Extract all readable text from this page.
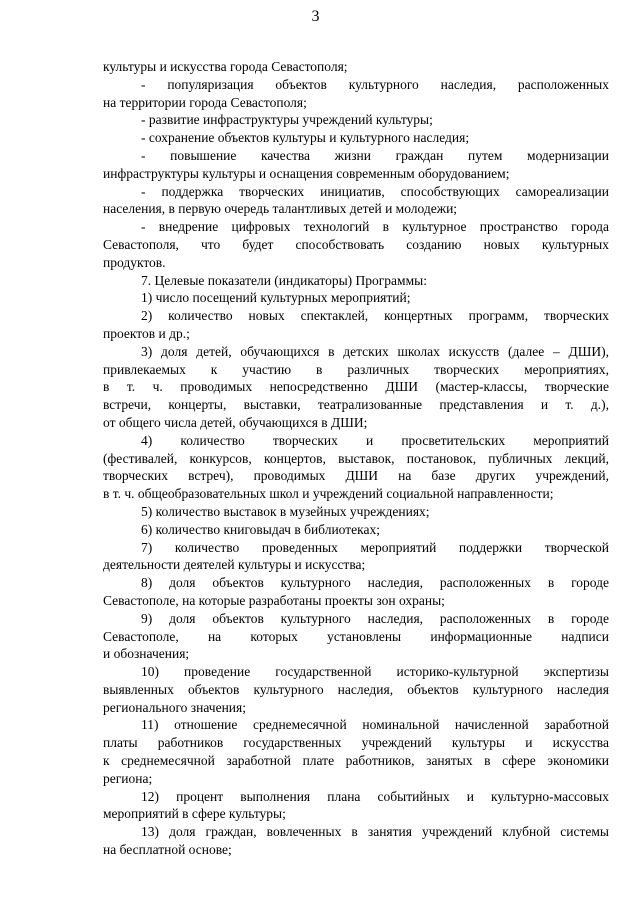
3
культуры и искусства города Севастополя;
- популяризация объектов культурного наследия, расположенных
на территории города Севастополя;
- развитие инфраструктуры учреждений культуры;
- сохранение объектов культуры и культурного наследия;
- повышение качества жизни граждан путем модернизации
инфраструктуры культуры и оснащения современным оборудованием;
- поддержка творческих инициатив, способствующих самореализации
населения, в первую очередь талантливых детей и молодежи;
- внедрение цифровых технологий в культурное пространство города
Севастополя, что будет способствовать созданию новых культурных
продуктов.
7. Целевые показатели (индикаторы) Программы:
1) число посещений культурных мероприятий;
2) количество новых спектаклей, концертных программ, творческих
проектов и др.;
3) доля детей, обучающихся в детских школах искусств (далее – ДШИ),
привлекаемых к участию в различных творческих мероприятиях,
в т. ч. проводимых непосредственно ДШИ (мастер-классы, творческие
встречи, концерты, выставки, театрализованные представления и т. д.),
от общего числа детей, обучающихся в ДШИ;
4) количество творческих и просветительских мероприятий
(фестивалей, конкурсов, концертов, выставок, постановок, публичных лекций,
творческих встреч), проводимых ДШИ на базе других учреждений,
в т. ч. общеобразовательных школ и учреждений социальной направленности;
5) количество выставок в музейных учреждениях;
6) количество книговыдач в библиотеках;
7) количество проведенных мероприятий поддержки творческой
деятельности деятелей культуры и искусства;
8) доля объектов культурного наследия, расположенных в городе
Севастополе, на которые разработаны проекты зон охраны;
9) доля объектов культурного наследия, расположенных в городе
Севастополе, на которых установлены информационные надписи
и обозначения;
10) проведение государственной историко-культурной экспертизы
выявленных объектов культурного наследия, объектов культурного наследия
регионального значения;
11) отношение среднемесячной номинальной начисленной заработной
платы работников государственных учреждений культуры и искусства
к среднемесячной заработной плате работников, занятых в сфере экономики
региона;
12) процент выполнения плана событийных и культурно-массовых
мероприятий в сфере культуры;
13) доля граждан, вовлеченных в занятия учреждений клубной системы
на бесплатной основе;
